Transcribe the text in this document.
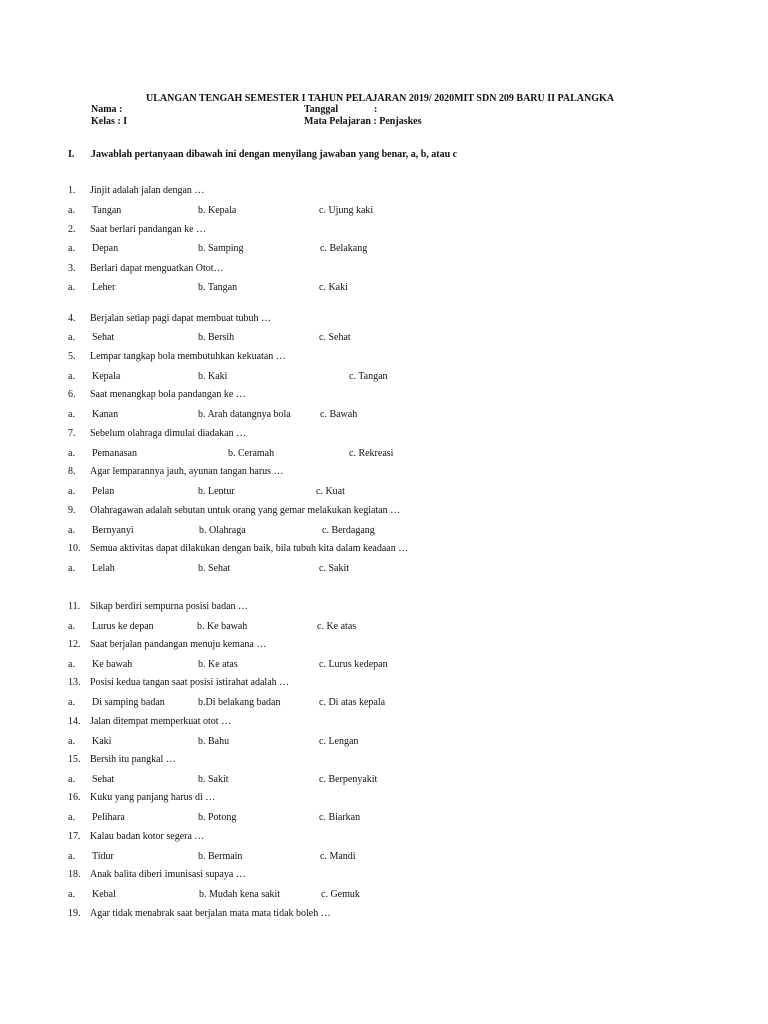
ULANGAN TENGAH SEMESTER I TAHUN PELAJARAN 2019/ 2020MIT SDN 209 BARU II PALANGKA
Nama :
Kelas : I
Tanggal	:
Mata Pelajaran : Penjaskes
I. Jawablah pertanyaan dibawah ini dengan menyilang jawaban yang benar, a, b, atau c
1. Jinjit adalah jalan dengan …
a. Tangan	b. Kepala	c. Ujung kaki
2. Saat berlari pandangan ke …
a. Depan	b. Samping	c. Belakang
3. Berlari dapat menguatkan Otot…
a. Leher	b. Tangan	c. Kaki
4. Berjalan setiap pagi dapat membuat tubuh …
a. Sehat	b. Bersih	c. Sehat
5. Lempar tangkap bola membutuhkan kekuatan …
a. Kepala	b. Kaki	c. Tangan
6. Saat menangkap bola pandangan ke …
a. Kanan	b. Arah datangnya bola	c. Bawah
7. Sebelum olahraga dimulai diadakan …
a. Pemanasan	b. Ceramah	c. Rekreasi
8. Agar lemparannya jauh, ayunan tangan harus …
a. Pelan	b. Lentur	c. Kuat
9. Olahragawan adalah sebutan untuk orang yang gemar melakukan kegiatan …
a. Bernyanyi	b. Olahraga	c. Berdagang
10. Semua aktivitas dapat dilakukan dengan baik, bila tubuh kita dalam keadaan …
a. Lelah	b. Sehat	c. Sakit
11. Sikap berdiri sempurna posisi badan …
a. Lurus ke depan	b. Ke bawah	c. Ke atas
12. Saat berjalan pandangan menuju kemana …
a. Ke bawah	b. Ke atas	c. Lurus kedepan
13. Posisi kedua tangan saat posisi istirahat adalah …
a. Di samping badan	b.Di belakang badan	c. Di atas kepala
14. Jalan ditempat memperkuat otot …
a. Kaki	b. Bahu	c. Lengan
15. Bersih itu pangkal …
a. Sehat	b. Sakit	c. Berpenyakit
16. Kuku yang panjang harus di …
a. Pelihara	b. Potong	c. Biarkan
17. Kalau badan kotor segera …
a. Tidur	b. Bermain	c. Mandi
18. Anak balita diberi imunisasi supaya …
a. Kebal	b. Mudah kena sakit	c. Gemuk
19. Agar tidak menabrak saat berjalan mata mata tidak boleh …
